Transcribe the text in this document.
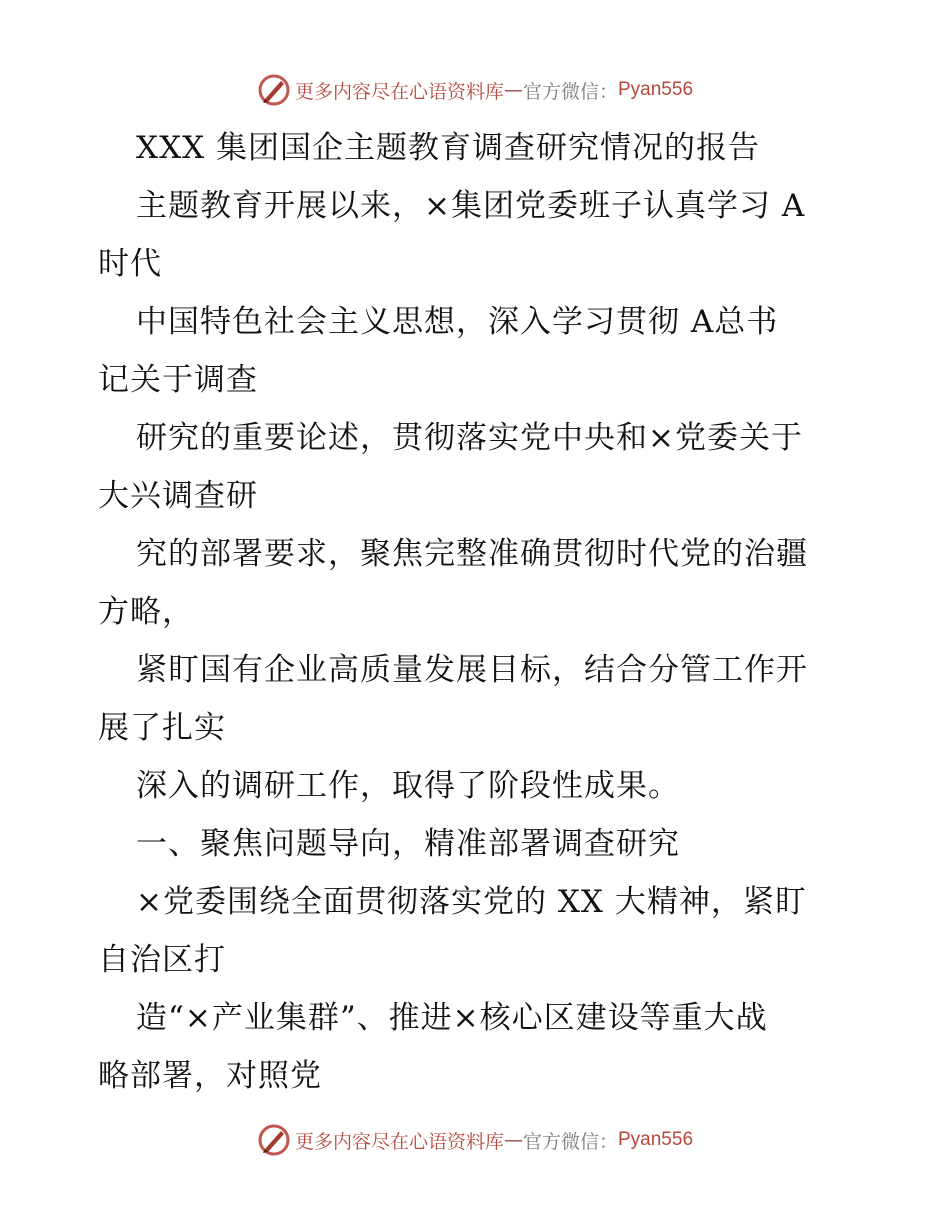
更多内容尽在心语资料库 — 官方微信： Pyan556
XXX 集团国企主题教育调查研究情况的报告
主题教育开展以来，×集团党委班子认真学习 A
时代
中国特色社会主义思想，深入学习贯彻 A总书
记关于调查
研究的重要论述，贯彻落实党中央和×党委关于
大兴调查研
究的部署要求，聚焦完整准确贯彻时代党的治疆
方略，
紧盯国有企业高质量发展目标，结合分管工作开
展了扎实
深入的调研工作，取得了阶段性成果。
一、聚焦问题导向，精准部署调查研究
×党委围绕全面贯彻落实党的 XX 大精神，紧盯
自治区打
造“×产业集群”、推进×核心区建设等重大战
略部署，对照党
更多内容尽在心语资料库 — 官方微信： Pyan556
